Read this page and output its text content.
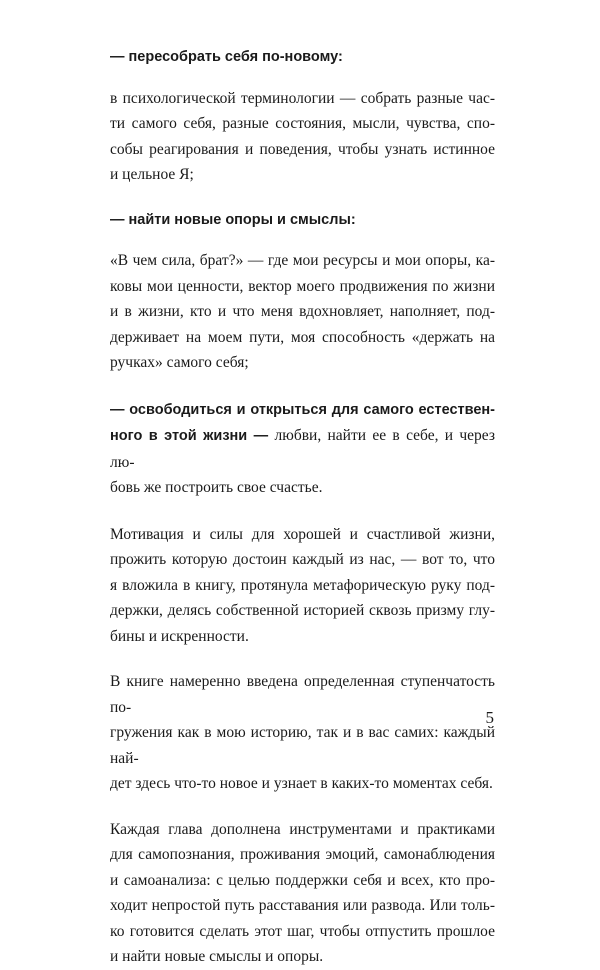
— пересобрать себя по-новому:

в психологической терминологии — собрать разные час-
ти самого себя, разные состояния, мысли, чувства, спо-
собы реагирования и поведения, чтобы узнать истинное
и цельное Я;

— найти новые опоры и смыслы:

«В чем сила, брат?» — где мои ресурсы и мои опоры, ка-
ковы мои ценности, вектор моего продвижения по жизни
и в жизни, кто и что меня вдохновляет, наполняет, под-
держивает на моем пути, моя способность «держать на
ручках» самого себя;

— освободиться и открыться для самого естествен-
ного в этой жизни — любви, найти ее в себе, и через лю-
бовь же построить свое счастье.

Мотивация и силы для хорошей и счастливой жизни,
прожить которую достоин каждый из нас, — вот то, что
я вложила в книгу, протянула метафорическую руку под-
держки, делясь собственной историей сквозь призму глу-
бины и искренности.

В книге намеренно введена определенная ступенчатость по-
гружения как в мою историю, так и в вас самих: каждый най-
дет здесь что-то новое и узнает в каких-то моментах себя.

Каждая глава дополнена инструментами и практиками
для самопознания, проживания эмоций, самонаблюдения
и самоанализа: с целью поддержки себя и всех, кто про-
ходит непростой путь расставания или развода. Или толь-
ко готовится сделать этот шаг, чтобы отпустить прошлое
и найти новые смыслы и опоры.

5
